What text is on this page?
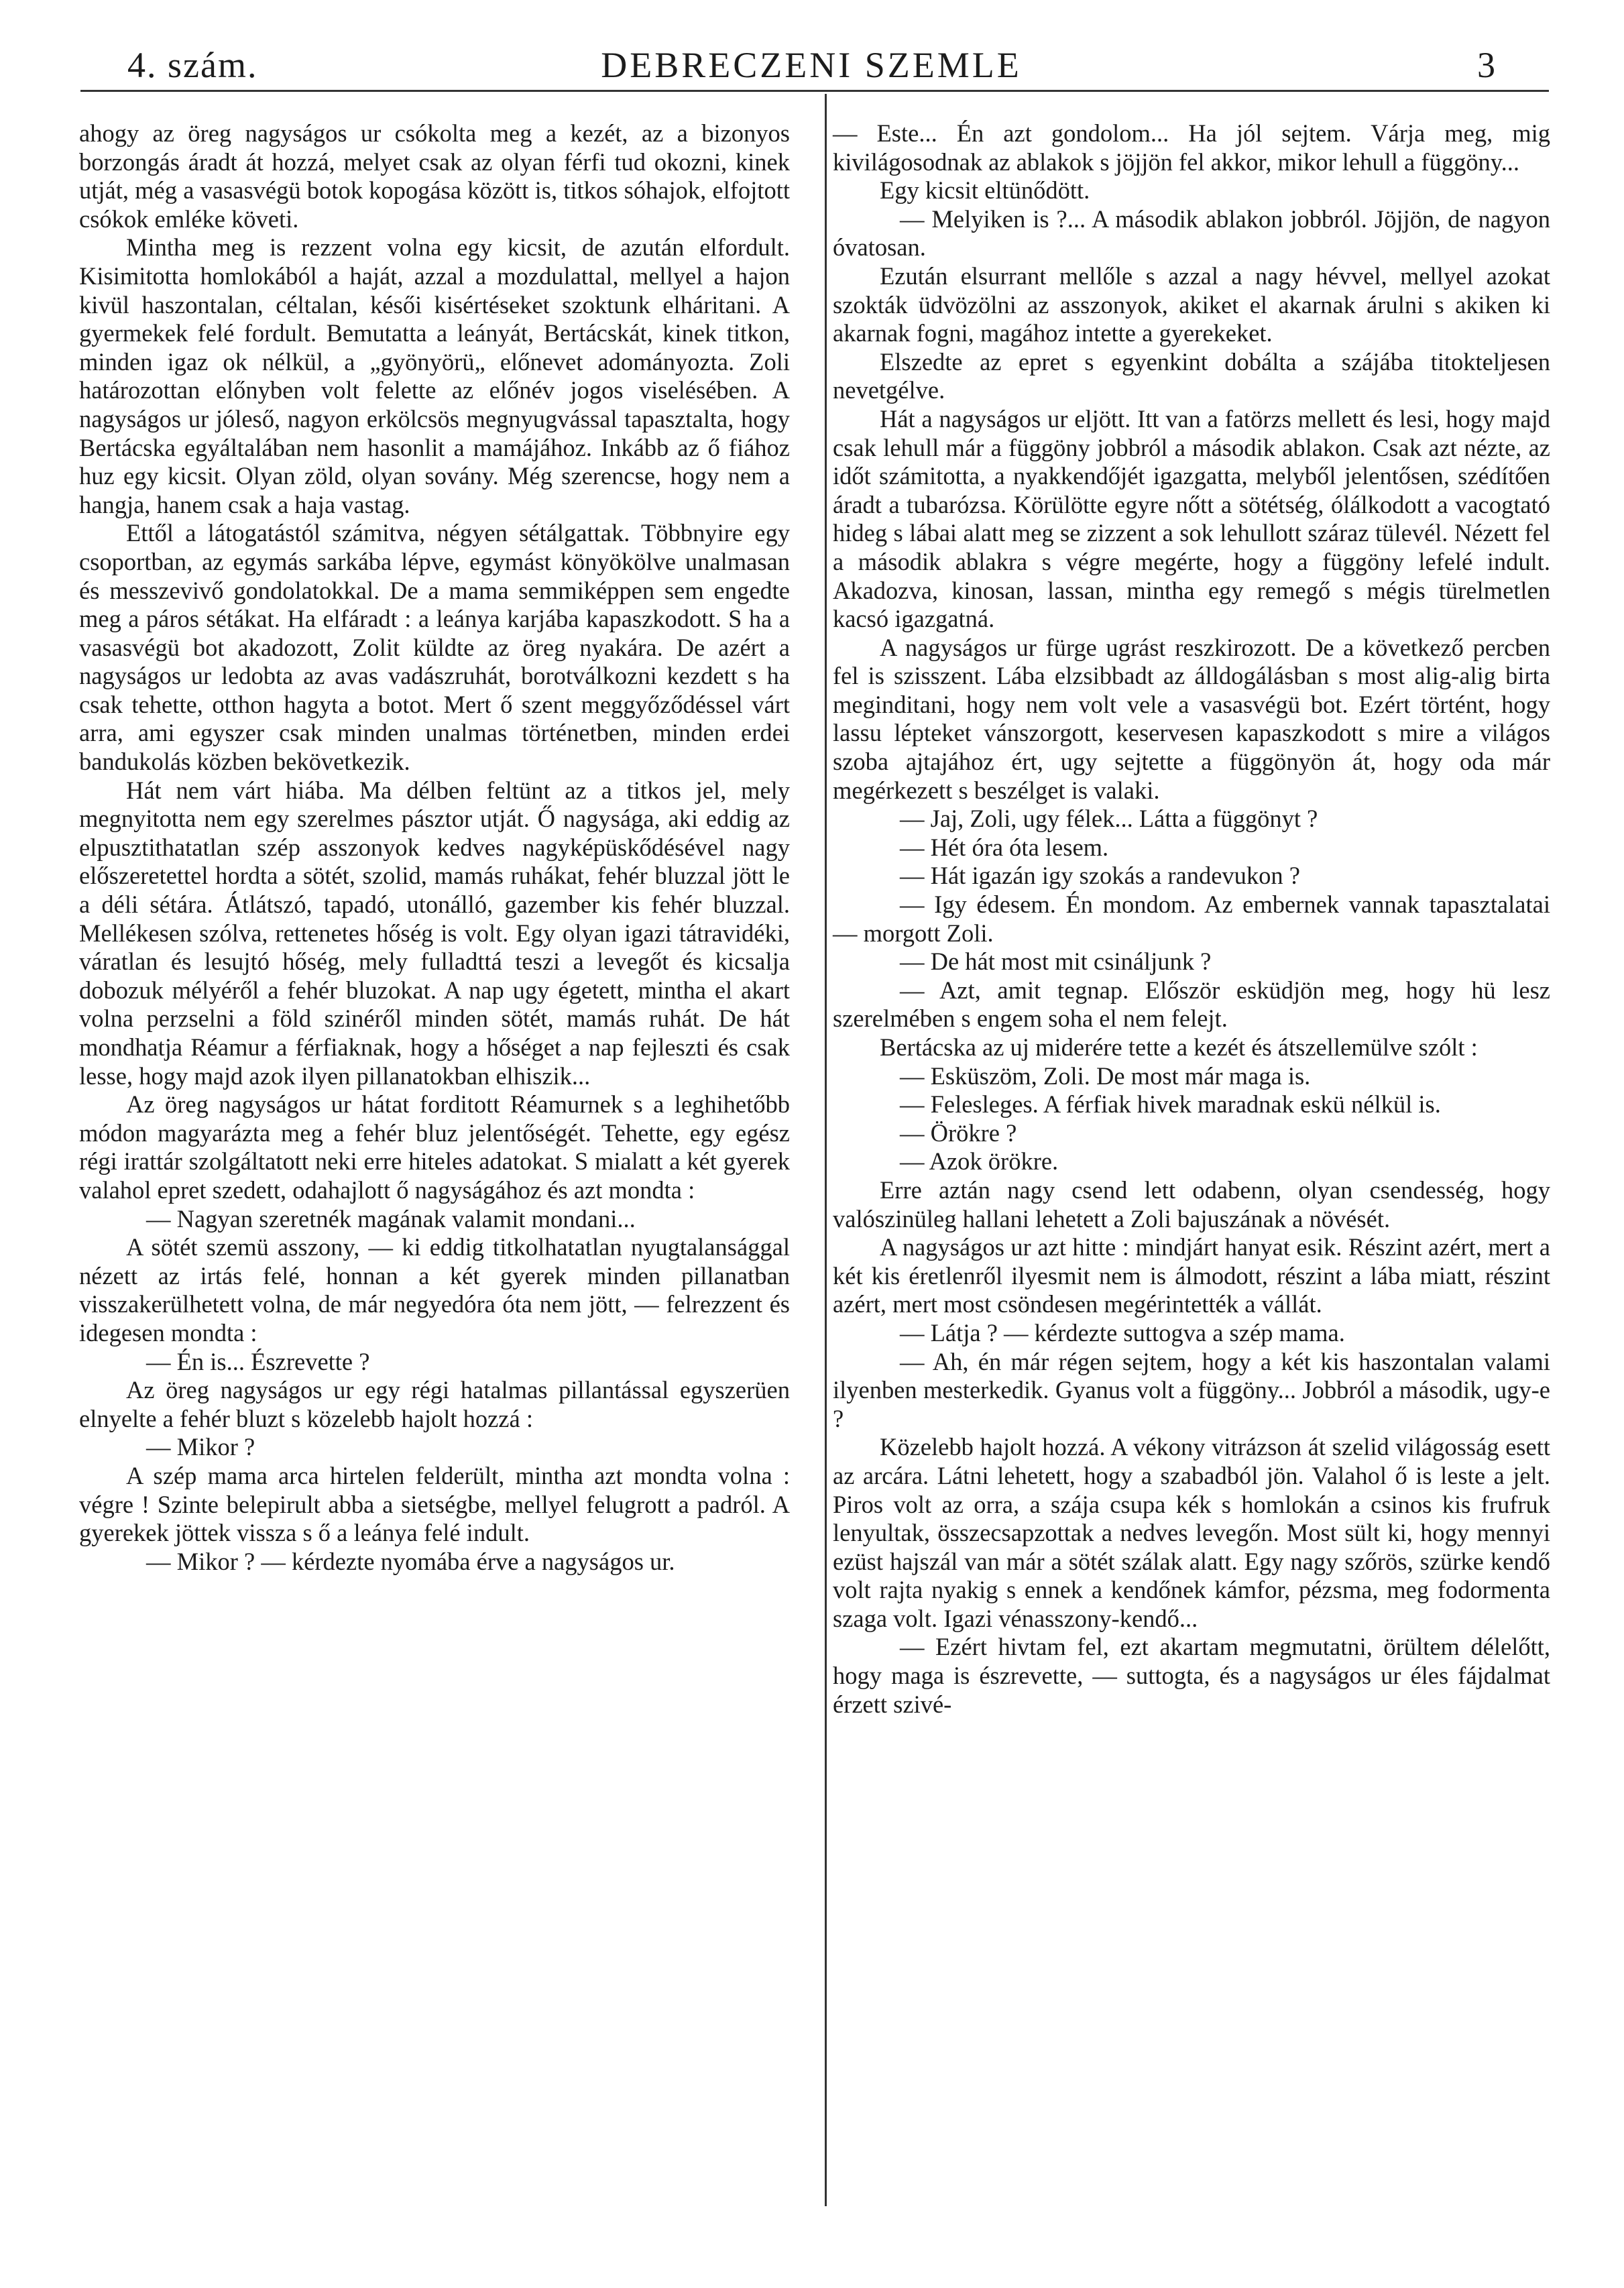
4. szám.	DEBRECZENI SZEMLE	3

ahogy az öreg nagyságos ur csókolta meg a kezét, az a bizonyos borzongás áradt át hozzá, melyet csak az olyan férfi tud okozni, kinek utját, még a vasasvégü botok kopogása között is, titkos sóhajok, elfojtott csókok emléke követi.

Mintha meg is rezzent volna egy kicsit, de azután elfordult. Kisimitotta homlokából a haját, azzal a mozdulattal, mellyel a hajon kivül haszontalan, céltalan, késői kisértéseket szoktunk elháritani. A gyermekek felé fordult. Bemutatta a leányát, Bertácskát, kinek titkon, minden igaz ok nélkül, a „gyönyörü„ előnevet adományozta. Zoli határozottan előnyben volt felette az előnév jogos viselésében. A nagyságos ur jóleső, nagyon erkölcsös megnyugvással tapasztalta, hogy Bertácska egyáltalában nem hasonlit a mamájához. Inkább az ő fiához huz egy kicsit. Olyan zöld, olyan sovány. Még szerencse, hogy nem a hangja, hanem csak a haja vastag.

Ettől a látogatástól számitva, négyen sétálgattak. Többnyire egy csoportban, az egymás sarkába lépve, egymást könyökölve unalmasan és messzevivő gondolatokkal. De a mama semmiképpen sem engedte meg a páros sétákat. Ha elfáradt : a leánya karjába kapaszkodott. S ha a vasasvégü bot akadozott, Zolit küldte az öreg nyakára. De azért a nagyságos ur ledobta az avas vadászruhát, borotválkozni kezdett s ha csak tehette, otthon hagyta a botot. Mert ő szent meggyőződéssel várt arra, ami egyszer csak minden unalmas történetben, minden erdei bandukolás közben bekövetkezik.

Hát nem várt hiába. Ma délben feltünt az a titkos jel, mely megnyitotta nem egy szerelmes pásztor utját. Ő nagysága, aki eddig az elpusztithatatlan szép asszonyok kedves nagyképüskődésével nagy előszeretettel hordta a sötét, szolid, mamás ruhákat, fehér bluzzal jött le a déli sétára. Átlátszó, tapadó, utonálló, gazember kis fehér bluzzal. Mellékesen szólva, rettenetes hőség is volt. Egy olyan igazi tátravidéki, váratlan és lesujtó hőség, mely fulladttá teszi a levegőt és kicsalja dobozuk mélyéről a fehér bluzokat. A nap ugy égetett, mintha el akart volna perzselni a föld szinéről minden sötét, mamás ruhát. De hát mondhatja Réamur a férfiaknak, hogy a hőséget a nap fejleszti és csak lesse, hogy majd azok ilyen pillanatokban elhiszik...

Az öreg nagyságos ur hátat forditott Réamurnek s a leghihetőbb módon magyarázta meg a fehér bluz jelentőségét. Tehette, egy egész régi irattár szolgáltatott neki erre hiteles adatokat. S mialatt a két gyerek valahol epret szedett, odahajlott ő nagyságához és azt mondta :

— Nagyan szeretnék magának valamit mondani...

A sötét szemü asszony, — ki eddig titkolhatatlan nyugtalansággal nézett az irtás felé, honnan a két gyerek minden pillanatban visszakerülhetett volna, de már negyedóra óta nem jött, — felrezzent és idegesen mondta :

— Én is... Észrevette ?

Az öreg nagyságos ur egy régi hatalmas pillantással egyszerüen elnyelte a fehér bluzt s közelebb hajolt hozzá :

— Mikor ?

A szép mama arca hirtelen felderült, mintha azt mondta volna : végre ! Szinte belepirult abba a sietségbe, mellyel felugrott a padról. A gyerekek jöttek vissza s ő a leánya felé indult.

— Mikor ? — kérdezte nyomába érve a nagyságos ur.

— Este... Én azt gondolom... Ha jól sejtem. Várja meg, mig kivilágosodnak az ablakok s jöjjön fel akkor, mikor lehull a függöny...

Egy kicsit eltünődött.

— Melyiken is ?... A második ablakon jobbról. Jöjjön, de nagyon óvatosan.

Ezután elsurrant mellőle s azzal a nagy hévvel, mellyel azokat szokták üdvözölni az asszonyok, akiket el akarnak árulni s akiken ki akarnak fogni, magához intette a gyerekeket.

Elszedte az epret s egyenkint dobálta a szájába titokteljesen nevetgélve.

Hát a nagyságos ur eljött. Itt van a fatörzs mellett és lesi, hogy majd csak lehull már a függöny jobbról a második ablakon. Csak azt nézte, az időt számitotta, a nyakkendőjét igazgatta, melyből jelentősen, szédítően áradt a tubarózsa. Körülötte egyre nőtt a sötétség, ólálkodott a vacogtató hideg s lábai alatt meg se zizzent a sok lehullott száraz tülevél. Nézett fel a második ablakra s végre megérte, hogy a függöny lefelé indult. Akadozva, kinosan, lassan, mintha egy remegő s mégis türelmetlen kacsó igazgatná.

A nagyságos ur fürge ugrást reszkirozott. De a következő percben fel is szisszent. Lába elzsibbadt az álldogálásban s most alig-alig birta meginditani, hogy nem volt vele a vasasvégü bot. Ezért történt, hogy lassu lépteket vánszorgott, keservesen kapaszkodott s mire a világos szoba ajtajához ért, ugy sejtette a függönyön át, hogy oda már megérkezett s beszélget is valaki.

— Jaj, Zoli, ugy félek... Látta a függönyt ?

— Hét óra óta lesem.

— Hát igazán igy szokás a randevukon ?

— Igy édesem. Én mondom. Az embernek vannak tapasztalatai — morgott Zoli.

— De hát most mit csináljunk ?

— Azt, amit tegnap. Először esküdjön meg, hogy hü lesz szerelmében s engem soha el nem felejt.

Bertácska az uj miderére tette a kezét és átszellemülve szólt :

— Esküszöm, Zoli. De most már maga is.

— Felesleges. A férfiak hivek maradnak eskü nélkül is.

— Örökre ?

— Azok örökre.

Erre aztán nagy csend lett odabenn, olyan csendesség, hogy valószinüleg hallani lehetett a Zoli bajuszának a növését.

A nagyságos ur azt hitte : mindjárt hanyat esik. Részint azért, mert a két kis éretlenről ilyesmit nem is álmodott, részint a lába miatt, részint azért, mert most csöndesen megérintették a vállát.

— Látja ? — kérdezte suttogva a szép mama.

— Ah, én már régen sejtem, hogy a két kis haszontalan valami ilyenben mesterkedik. Gyanus volt a függöny... Jobbról a második, ugy-e ?

Közelebb hajolt hozzá. A vékony vitrázson át szelid világosság esett az arcára. Látni lehetett, hogy a szabadból jön. Valahol ő is leste a jelt. Piros volt az orra, a szája csupa kék s homlokán a csinos kis frufruk lenyultak, összecsapzottak a nedves levegőn. Most sült ki, hogy mennyi ezüst hajszál van már a sötét szálak alatt. Egy nagy szőrös, szürke kendő volt rajta nyakig s ennek a kendőnek kámfor, pézsma, meg fodormenta szaga volt. Igazi vénasszony-kendő...

— Ezért hivtam fel, ezt akartam megmutatni, örültem délelőtt, hogy maga is észrevette, — suttogta, és a nagyságos ur éles fájdalmat érzett szivé-
